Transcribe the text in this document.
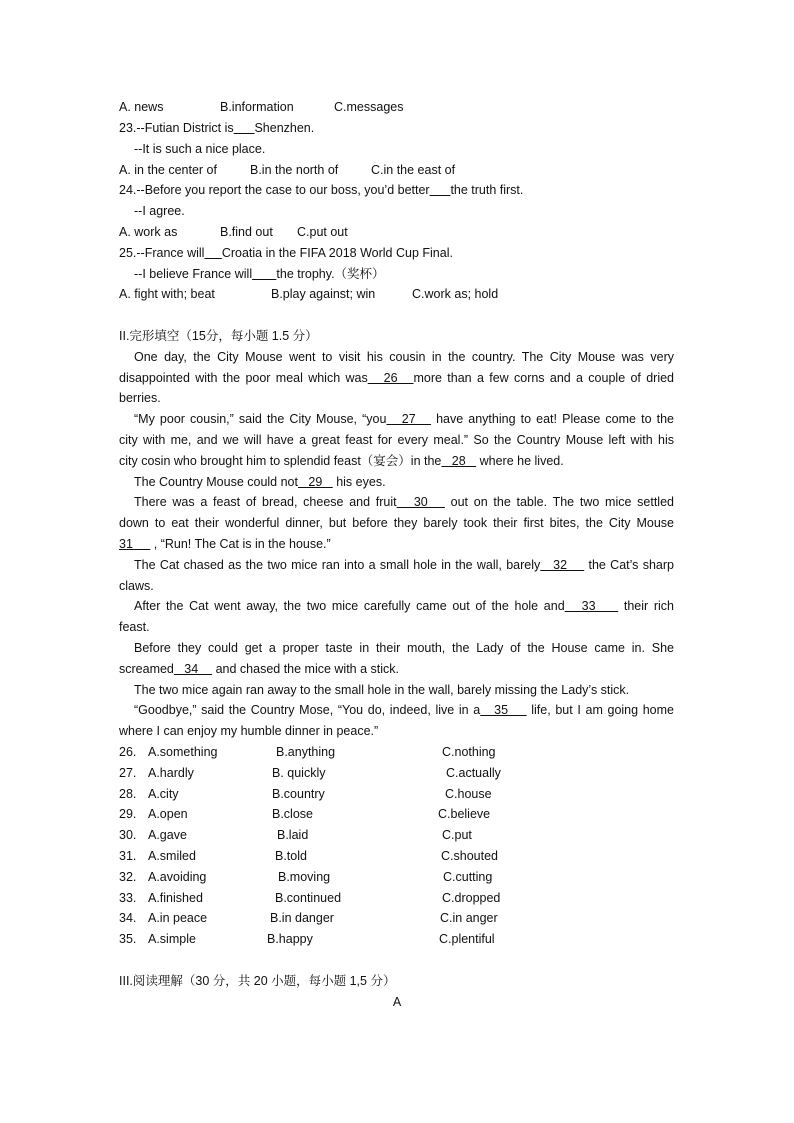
A. news	B.information	C.messages
23.--Futian District is Shenzhen.
--It is such a nice place.
A. in the center of	B.in the north of	C.in the east of
24.--Before you report the case to our boss, you’d better the truth first.
--I agree.
A. work as	B.find out C.put out
25.--France will Croatia in the FIFA 2018 World Cup Final.
--I believe France will the trophy.（奖杯）
A. fight with; beat	B.play against; win	C.work as; hold
II.完形填空（15分，每小题 1.5 分）
One day, the City Mouse went to visit his cousin in the country. The City Mouse was very
disappointed with the poor meal which was   26   more than a few corns and a couple of dried
berries.
“My poor cousin,” said the City Mouse, “you   27    have anything to eat! Please come to the
city with me, and we will have a great feast for every meal.” So the Country Mouse left with his
city cosin who brought him to splendid feast（宴会）in the   28    where he lived.
The Country Mouse could not   29    his eyes.
There was a feast of bread, cheese and fruit   30    out on the table. The two mice settled
down to eat their wonderful dinner, but before they barely took their first bites, the City Mouse
31      , “Run! The Cat is in the house.”
The Cat chased as the two mice ran into a small hole in the wall, barely   32     the Cat’s sharp
claws.
After the Cat went away, the two mice carefully came out of the hole and   33     their rich
feast.
Before they could get a proper taste in their mouth, the Lady of the House came in. She
screamed   34     and chased the mice with a stick.
The two mice again ran away to the small hole in the wall, barely missing the Lady’s stick.
“Goodbye,” said the Country Mose, “You do, indeed, live in a   35     life, but I am going home
where I can enjoy my humble dinner in peace.”
26. A.something	B.anything	C.nothing
27. A.hardly	B. quickly	C.actually
28. A.city	B.country	C.house
29. A.open	B.close	C.believe
30. A.gave	B.laid	C.put
31. A.smiled	B.told	C.shouted
32. A.avoiding	B.moving	C.cutting
33. A.finished	B.continued	C.dropped
34. A.in peace	B.in danger	C.in anger
35. A.simple	B.happy	C.plentiful
III.阅读理解（30 分，共 20 小题，每小题 1,5 分）
A
